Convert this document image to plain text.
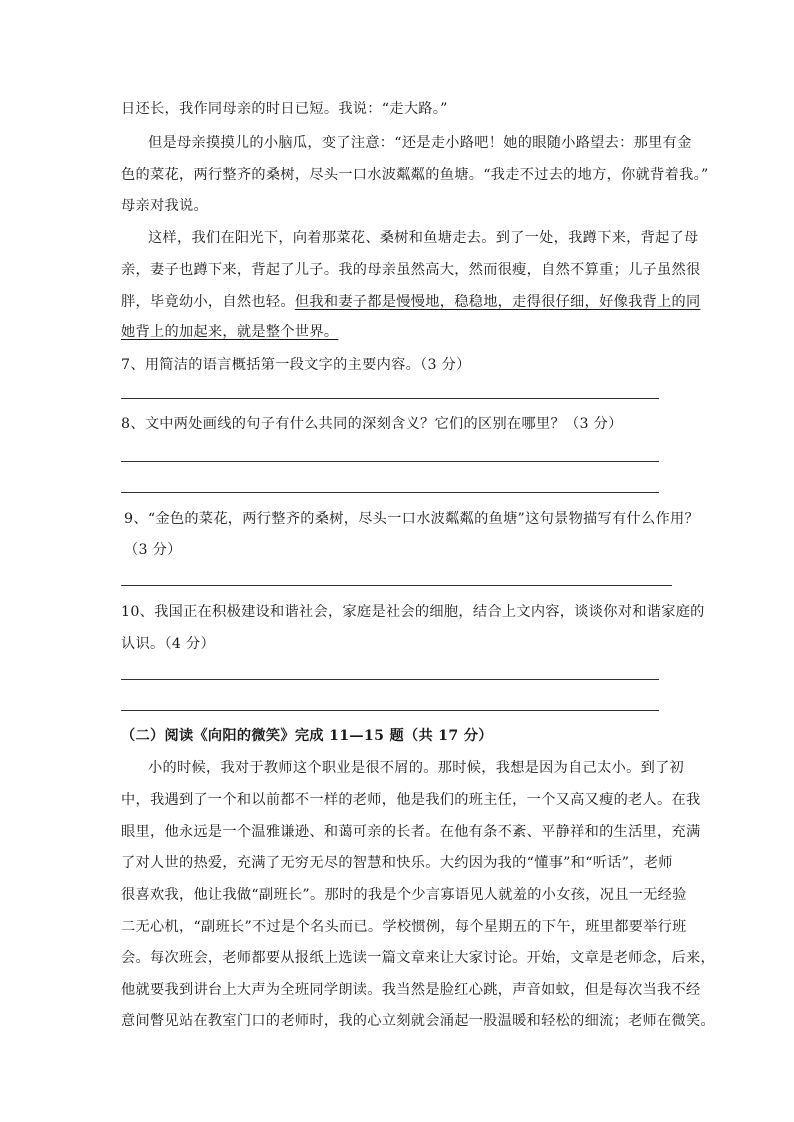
日还长，我作同母亲的时日已短。我说：“走大路。”
但是母亲摸摸儿的小脑瓜，变了注意：“还是走小路吧！她的眼随小路望去：那里有金
色的菜花，两行整齐的桑树，尽头一口水波粼粼的鱼塘。“我走不过去的地方，你就背着我。”
母亲对我说。
这样，我们在阳光下，向着那菜花、桑树和鱼塘走去。到了一处，我蹲下来，背起了母
亲，妻子也蹲下来，背起了儿子。我的母亲虽然高大，然而很瘦，自然不算重；儿子虽然很
胖，毕竟幼小，自然也轻。但我和妻子都是慢慢地，稳稳地，走得很仔细，好像我背上的同
她背上的加起来，就是整个世界。
7、用简洁的语言概括第一段文字的主要内容。（3 分）
8、文中两处画线的句子有什么共同的深刻含义？它们的区别在哪里？（3 分）
9、“金色的菜花，两行整齐的桑树，尽头一口水波粼粼的鱼塘”这句景物描写有什么作用？
（3 分）
10、我国正在积极建设和谐社会，家庭是社会的细胞，结合上文内容，谈谈你对和谐家庭的
认识。（4 分）
（二）阅读《向阳的微笑》完成 11—15 题（共 17 分）
小的时候，我对于教师这个职业是很不屑的。那时候，我想是因为自己太小。到了初
中，我遇到了一个和以前都不一样的老师，他是我们的班主任，一个又高又瘦的老人。在我
眼里，他永远是一个温雅谦逊、和蔼可亲的长者。在他有条不紊、平静祥和的生活里，充满
了对人世的热爱，充满了无穷无尽的智慧和快乐。大约因为我的“懂事”和“听话”，老师
很喜欢我，他让我做“副班长”。那时的我是个少言寡语见人就羞的小女孩，况且一无经验
二无心机，“副班长”不过是个名头而已。学校惯例，每个星期五的下午，班里都要举行班
会。每次班会，老师都要从报纸上选读一篇文章来让大家讨论。开始，文章是老师念，后来，
他就要我到讲台上大声为全班同学朗读。我当然是脸红心跳，声音如蚊，但是每次当我不经
意间瞥见站在教室门口的老师时，我的心立刻就会涌起一股温暖和轻松的细流；老师在微笑。
